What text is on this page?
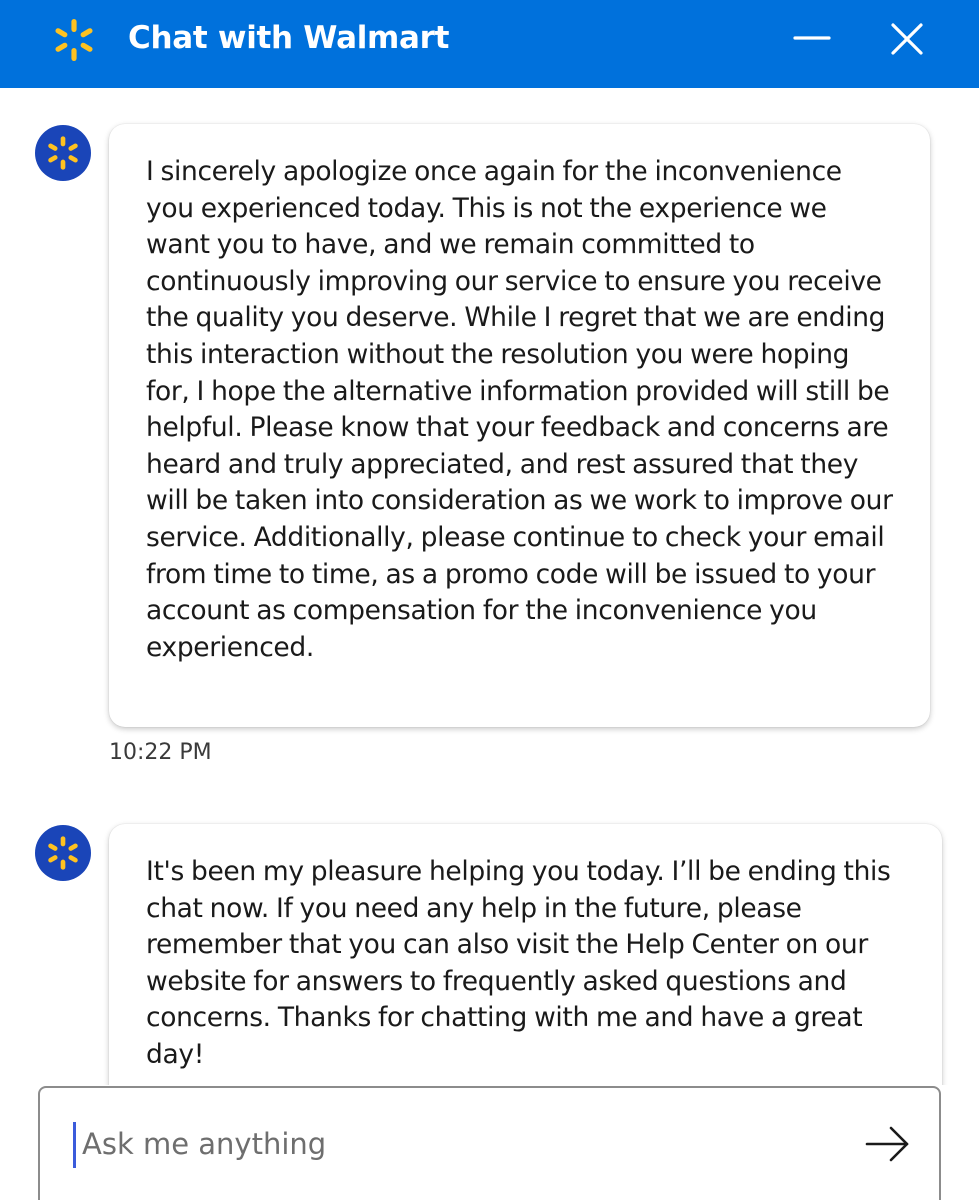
Chat with Walmart
I sincerely apologize once again for the inconvenience you experienced today. This is not the experience we want you to have, and we remain committed to continuously improving our service to ensure you receive the quality you deserve. While I regret that we are ending this interaction without the resolution you were hoping for, I hope the alternative information provided will still be helpful. Please know that your feedback and concerns are heard and truly appreciated, and rest assured that they will be taken into consideration as we work to improve our service. Additionally, please continue to check your email from time to time, as a promo code will be issued to your account as compensation for the inconvenience you experienced.
10:22 PM
It's been my pleasure helping you today. I’ll be ending this chat now. If you need any help in the future, please remember that you can also visit the Help Center on our website for answers to frequently asked questions and concerns. Thanks for chatting with me and have a great day!
Ask me anything
